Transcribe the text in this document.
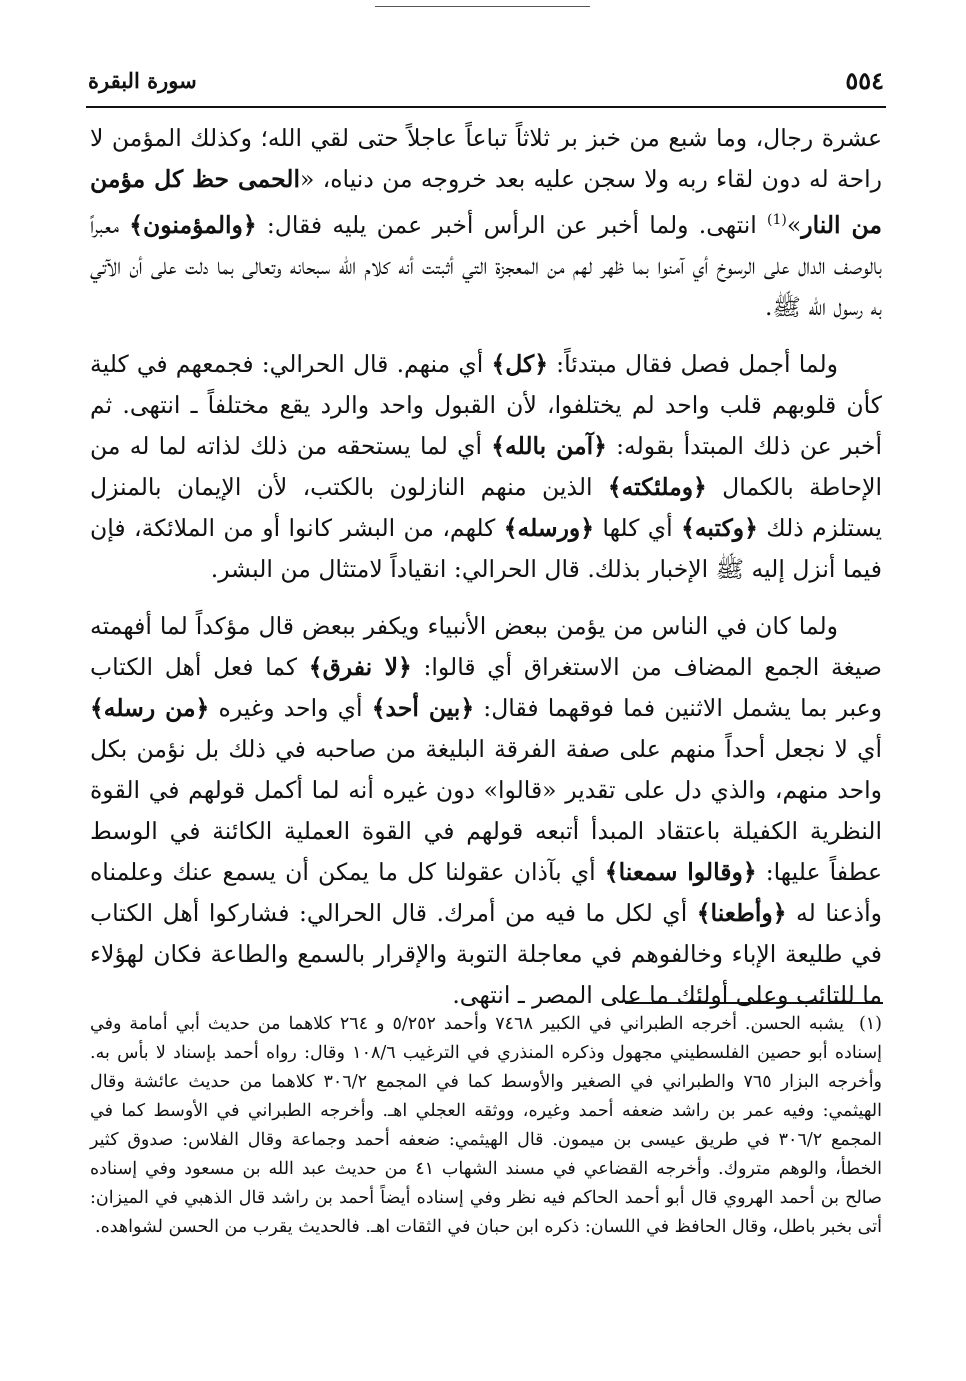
٥٥٤
سورة البقرة

عشرة رجال، وما شبع من خبز بر ثلاثاً تباعاً عاجلاً حتى لقي الله؛ وكذلك المؤمن لا راحة له دون لقاء ربه ولا سجن عليه بعد خروجه من دنياه، «الحمى حظ كل مؤمن من النار»$^{(1)}$ انتهى. ولما أخبر عن الرأس أخبر عمن يليه فقال: ﴿والمؤمنون﴾ معبراً بالوصف الدال على الرسوخ أي آمنوا بما ظهر لهم من المعجزة التي أثبتت أنه كلام الله سبحانه وتعالى بما دلت على أن الآتي به رسول الله ﷺ.

ولما أجمل فصل فقال مبتدئاً: ﴿كل﴾ أي منهم. قال الحرالي: فجمعهم في كلية كأن قلوبهم قلب واحد لم يختلفوا، لأن القبول واحد والرد يقع مختلفاً ـ انتهى. ثم أخبر عن ذلك المبتدأ بقوله: ﴿آمن بالله﴾ أي لما يستحقه من ذلك لذاته لما له من الإحاطة بالكمال ﴿وملئكته﴾ الذين منهم النازلون بالكتب، لأن الإيمان بالمنزل يستلزم ذلك ﴿وكتبه﴾ أي كلها ﴿ورسله﴾ كلهم، من البشر كانوا أو من الملائكة، فإن فيما أنزل إليه ﷺ الإخبار بذلك. قال الحرالي: انقياداً لامتثال من البشر.

ولما كان في الناس من يؤمن ببعض الأنبياء ويكفر ببعض قال مؤكداً لما أفهمته صيغة الجمع المضاف من الاستغراق أي قالوا: ﴿لا نفرق﴾ كما فعل أهل الكتاب وعبر بما يشمل الاثنين فما فوقهما فقال: ﴿بين أحد﴾ أي واحد وغيره ﴿من رسله﴾ أي لا نجعل أحداً منهم على صفة الفرقة البليغة من صاحبه في ذلك بل نؤمن بكل واحد منهم، والذي دل على تقدير «قالوا» دون غيره أنه لما أكمل قولهم في القوة النظرية الكفيلة باعتقاد المبدأ أتبعه قولهم في القوة العملية الكائنة في الوسط عطفاً عليها: ﴿وقالوا سمعنا﴾ أي بآذان عقولنا كل ما يمكن أن يسمع عنك وعلمناه وأذعنا له ﴿وأطعنا﴾ أي لكل ما فيه من أمرك. قال الحرالي: فشاركوا أهل الكتاب في طليعة الإباء وخالفوهم في معاجلة التوبة والإقرار بالسمع والطاعة فكان لهؤلاء ما للتائب وعلى أولئك ما على المصر ـ انتهى.

(١)يشبه الحسن. أخرجه الطبراني في الكبير ٧٤٦٨ وأحمد ٥/٢٥٢ و ٢٦٤ كلاهما من حديث أبي أمامة وفي إسناده أبو حصين الفلسطيني مجهول وذكره المنذري في الترغيب ١٠٨/٦ وقال: رواه أحمد بإسناد لا بأس به. وأخرجه البزار ٧٦٥ والطبراني في الصغير والأوسط كما في المجمع ٣٠٦/٢ كلاهما من حديث عائشة وقال الهيثمي: وفيه عمر بن راشد ضعفه أحمد وغيره، ووثقه العجلي اهـ. وأخرجه الطبراني في الأوسط كما في المجمع ٣٠٦/٢ في طريق عيسى بن ميمون. قال الهيثمي: ضعفه أحمد وجماعة وقال الفلاس: صدوق كثير الخطأ، والوهم متروك. وأخرجه القضاعي في مسند الشهاب ٤١ من حديث عبد الله بن مسعود وفي إسناده صالح بن أحمد الهروي قال أبو أحمد الحاكم فيه نظر وفي إسناده أيضاً أحمد بن راشد قال الذهبي في الميزان: أتى بخبر باطل، وقال الحافظ في اللسان: ذكره ابن حبان في الثقات اهـ. فالحديث يقرب من الحسن لشواهده.
